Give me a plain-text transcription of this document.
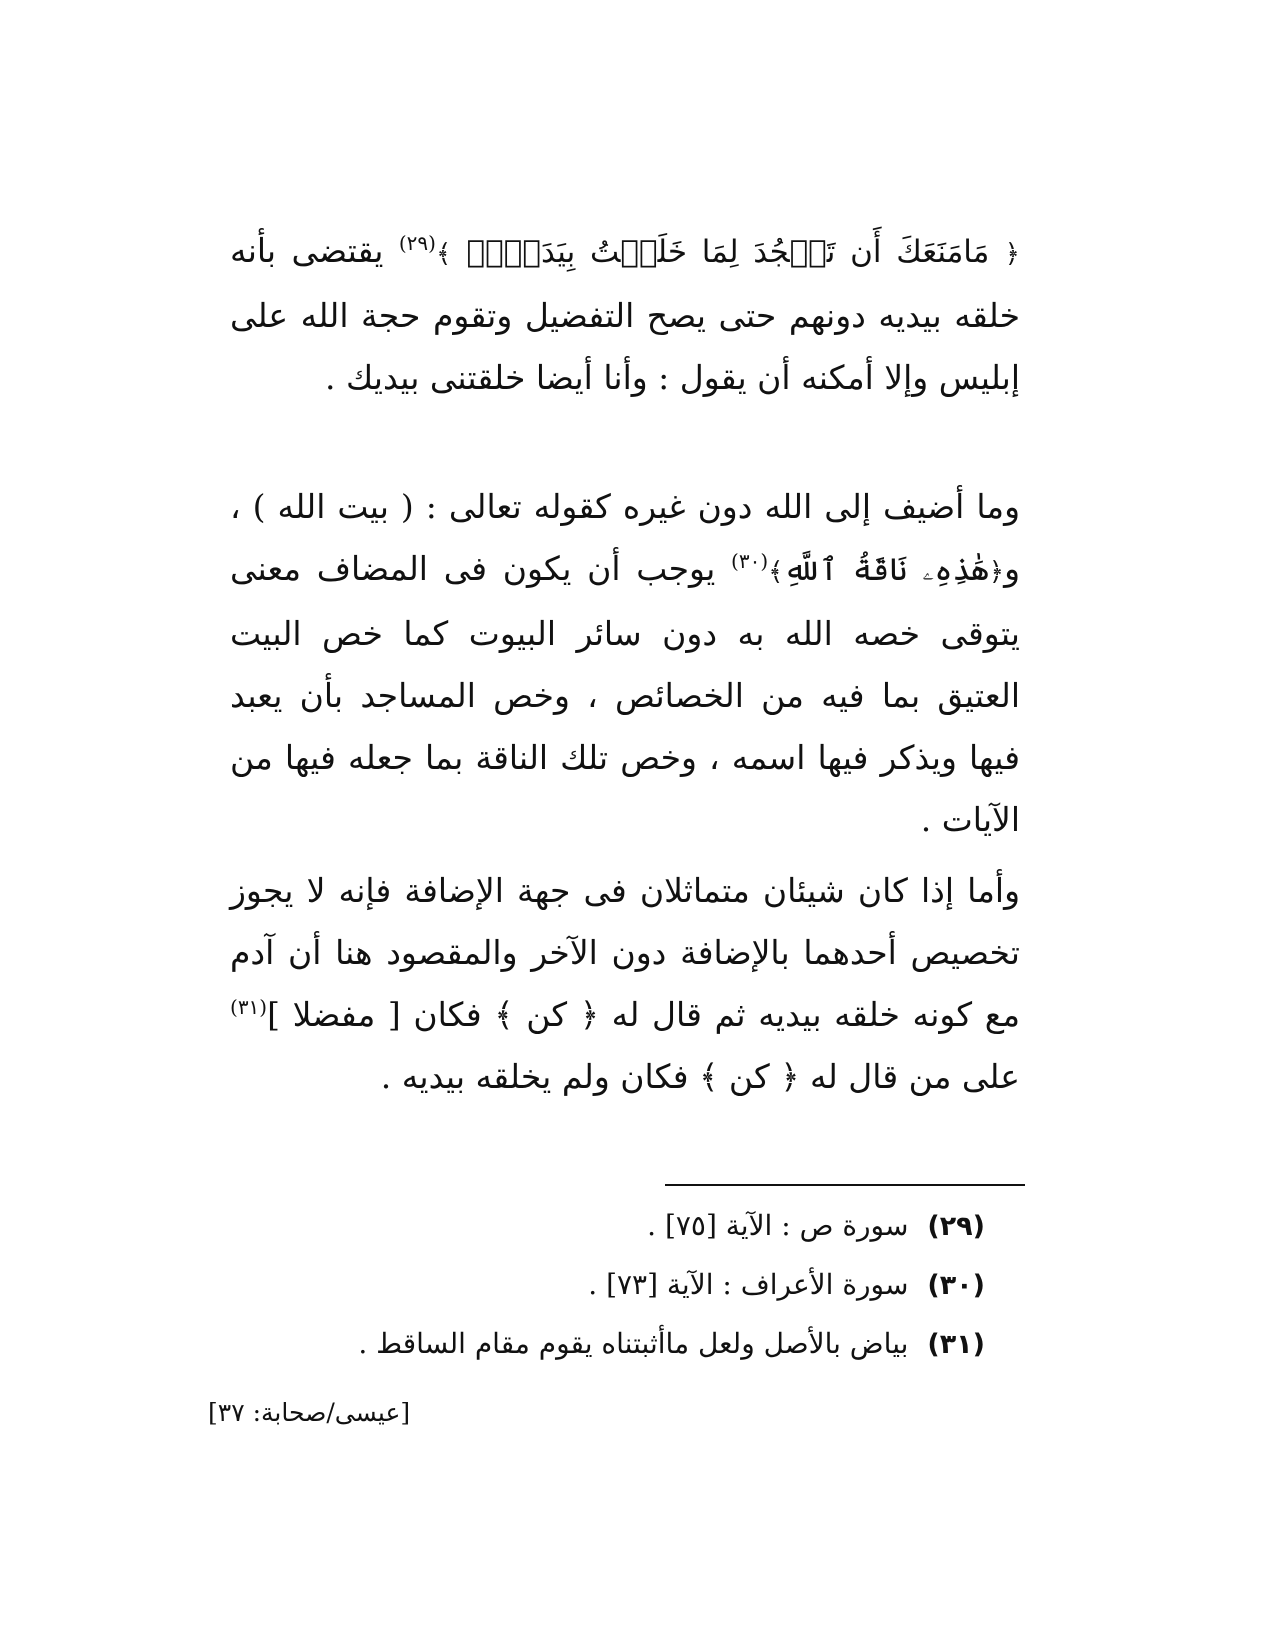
﴿ مَامَنَعَكَ أَن تَسۡجُدَ لِمَا خَلَقۡتُ بِيَدَيَّۖ ﴾$^{(٢٩)}$ يقتضى بأنه خلقه بيديه دونهم حتى يصح التفضيل وتقوم حجة الله على إبليس وإلا أمكنه أن يقول : وأنا أيضا خلقتنى بيديك .

وما أضيف إلى الله دون غيره كقوله تعالى : ( بيت الله ) ، و﴿هَٰذِهِۦ نَاقَةُ ٱللَّهِ﴾$^{(٣٠)}$ يوجب أن يكون فى المضاف معنى يتوقى خصه الله به دون سائر البيوت كما خص البيت العتيق بما فيه من الخصائص ، وخص المساجد بأن يعبد فيها ويذكر فيها اسمه ، وخص تلك الناقة بما جعله فيها من الآيات .

وأما إذا كان شيئان متماثلان فى جهة الإضافة فإنه لا يجوز تخصيص أحدهما بالإضافة دون الآخر والمقصود هنا أن آدم مع كونه خلقه بيديه ثم قال له ﴿ كن ﴾ فكان [ مفضلا ]$^{(٣١)}$ على من قال له ﴿ كن ﴾ فكان ولم يخلقه بيديه .

(٢٩) سورة ص : الآية [٧٥] .
(٣٠) سورة الأعراف : الآية [٧٣] .
(٣١) بياض بالأصل ولعل ماأثبتناه يقوم مقام الساقط .
[عيسى/صحابة: ٣٧]
